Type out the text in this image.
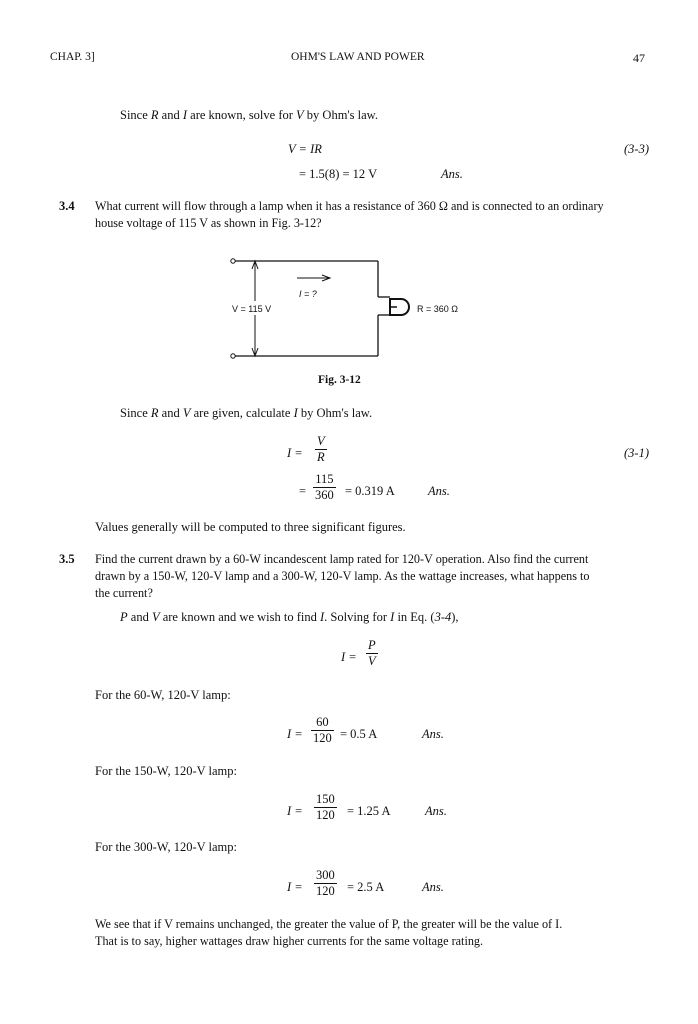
CHAP. 3]	OHM'S LAW AND POWER	47
Since R and I are known, solve for V by Ohm's law.
V = IR	(3-3)
= 1.5(8) = 12 V	Ans.
3.4 What current will flow through a lamp when it has a resistance of 360 Ω and is connected to an ordinary
house voltage of 115 V as shown in Fig. 3-12?
I = ?
V = 115 V	R = 360 Ω
Fig. 3-12
Since R and V are given, calculate I by Ohm's law.
$I = \frac{V}{R}$	(3-1)
= $\frac{115}{360} = 0.319$ A	Ans.
Values generally will be computed to three significant figures.
3.5 Find the current drawn by a 60-W incandescent lamp rated for 120-V operation. Also find the current
drawn by a 150-W, 120-V lamp and a 300-W, 120-V lamp. As the wattage increases, what happens to
the current?
P and V are known and we wish to find I. Solving for I in Eq. (3-4),
$I = \frac{P}{V}$
For the 60-W, 120-V lamp:
$I = \frac{60}{120} = 0.5$ A	Ans.
For the 150-W, 120-V lamp:
$I = \frac{150}{120} = 1.25$ A	Ans.
For the 300-W, 120-V lamp:
$I = \frac{300}{120} = 2.5$ A	Ans.
We see that if V remains unchanged, the greater the value of P, the greater will be the value of I.
That is to say, higher wattages draw higher currents for the same voltage rating.
